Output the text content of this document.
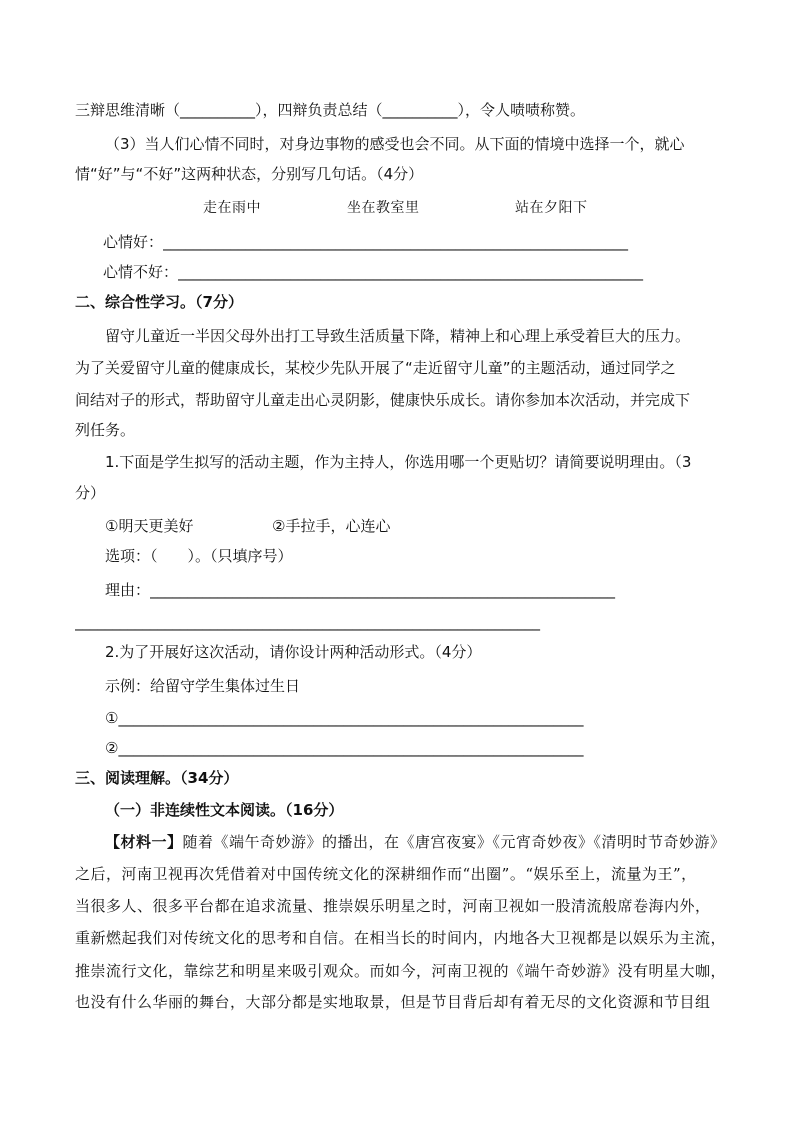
三辩思维清晰（__________），四辩负责总结（__________），令人啧啧称赞。
（3）当人们心情不同时，对身边事物的感受也会不同。从下面的情境中选择一个，就心
情“好”与“不好”这两种状态，分别写几句话。（4分）
走在雨中	坐在教室里	站在夕阳下
心情好：______________________________________________________________
心情不好：______________________________________________________________
二、综合性学习。（7分）
留守儿童近一半因父母外出打工导致生活质量下降，精神上和心理上承受着巨大的压力。
为了关爱留守儿童的健康成长，某校少先队开展了“走近留守儿童”的主题活动，通过同学之
间结对子的形式，帮助留守儿童走出心灵阴影，健康快乐成长。请你参加本次活动，并完成下
列任务。
1.下面是学生拟写的活动主题，作为主持人，你选用哪一个更贴切？请简要说明理由。（3
分）
①明天更美好	②手拉手，心连心
选项：（　　）。（只填序号）
理由：______________________________________________________________
______________________________________________________________
2.为了开展好这次活动，请你设计两种活动形式。（4分）
示例：给留守学生集体过生日
①______________________________________________________________
②______________________________________________________________
三、阅读理解。（34分）
（一）非连续性文本阅读。（16分）
【材料一】随着《端午奇妙游》的播出，在《唐宫夜宴》《元宵奇妙夜》《清明时节奇妙游》
之后，河南卫视再次凭借着对中国传统文化的深耕细作而“出圈”。“娱乐至上，流量为王”，
当很多人、很多平台都在追求流量、推崇娱乐明星之时，河南卫视如一股清流般席卷海内外，
重新燃起我们对传统文化的思考和自信。在相当长的时间内，内地各大卫视都是以娱乐为主流，
推崇流行文化，靠综艺和明星来吸引观众。而如今，河南卫视的《端午奇妙游》没有明星大咖，
也没有什么华丽的舞台，大部分都是实地取景，但是节目背后却有着无尽的文化资源和节目组
